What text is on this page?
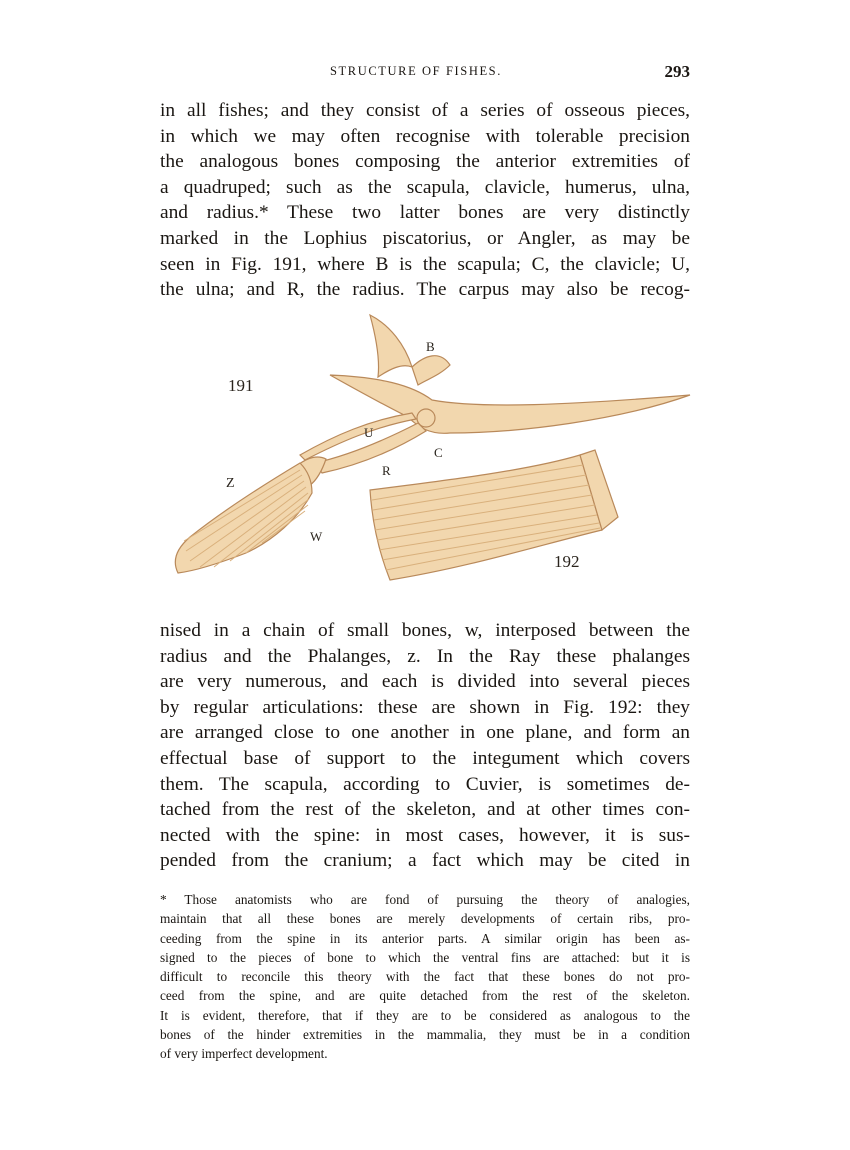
STRUCTURE OF FISHES.	293
in all fishes; and they consist of a series of osseous pieces,
in which we may often recognise with tolerable precision
the analogous bones composing the anterior extremities of
a quadruped; such as the scapula, clavicle, humerus, ulna,
and radius.* These two latter bones are very distinctly
marked in the Lophius piscatorius, or Angler, as may be
seen in Fig. 191, where B is the scapula; C, the clavicle; U,
the ulna; and R, the radius. The carpus may also be recog-
191
192
B
U
C
R
Z
W
nised in a chain of small bones, w, interposed between the
radius and the Phalanges, z. In the Ray these phalanges
are very numerous, and each is divided into several pieces
by regular articulations: these are shown in Fig. 192: they
are arranged close to one another in one plane, and form an
effectual base of support to the integument which covers
them. The scapula, according to Cuvier, is sometimes de-
tached from the rest of the skeleton, and at other times con-
nected with the spine: in most cases, however, it is sus-
pended from the cranium; a fact which may be cited in
* Those anatomists who are fond of pursuing the theory of analogies,
maintain that all these bones are merely developments of certain ribs, pro-
ceeding from the spine in its anterior parts. A similar origin has been as-
signed to the pieces of bone to which the ventral fins are attached: but it is
difficult to reconcile this theory with the fact that these bones do not pro-
ceed from the spine, and are quite detached from the rest of the skeleton.
It is evident, therefore, that if they are to be considered as analogous to the
bones of the hinder extremities in the mammalia, they must be in a condition
of very imperfect development.
